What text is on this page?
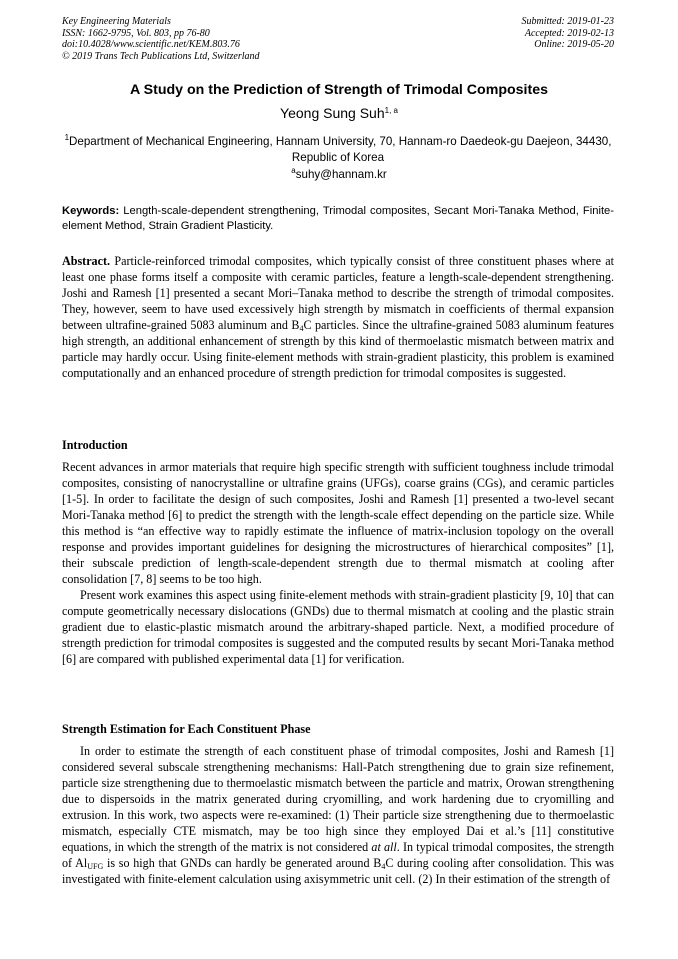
Key Engineering Materials
ISSN: 1662-9795, Vol. 803, pp 76-80
doi:10.4028/www.scientific.net/KEM.803.76
© 2019 Trans Tech Publications Ltd, Switzerland
Submitted: 2019-01-23
Accepted: 2019-02-13
Online: 2019-05-20
A Study on the Prediction of Strength of Trimodal Composites
Yeong Sung Suh$^{1, a}$
$^1$Department of Mechanical Engineering, Hannam University, 70, Hannam-ro Daedeok-gu Daejeon, 34430, Republic of Korea
$^a$suhy@hannam.kr
Keywords: Length-scale-dependent strengthening, Trimodal composites, Secant Mori-Tanaka Method, Finite-element Method, Strain Gradient Plasticity.
Abstract. Particle-reinforced trimodal composites, which typically consist of three constituent phases where at least one phase forms itself a composite with ceramic particles, feature a length-scale-dependent strengthening. Joshi and Ramesh [1] presented a secant Mori–Tanaka method to describe the strength of trimodal composites. They, however, seem to have used excessively high strength by mismatch in coefficients of thermal expansion between ultrafine-grained 5083 aluminum and $B_4C$ particles. Since the ultrafine-grained 5083 aluminum features high strength, an additional enhancement of strength by this kind of thermoelastic mismatch between matrix and particle may hardly occur. Using finite-element methods with strain-gradient plasticity, this problem is examined computationally and an enhanced procedure of strength prediction for trimodal composites is suggested.
Introduction

Recent advances in armor materials that require high specific strength with sufficient toughness include trimodal composites, consisting of nanocrystalline or ultrafine grains (UFGs), coarse grains (CGs), and ceramic particles [1-5]. In order to facilitate the design of such composites, Joshi and Ramesh [1] presented a two-level secant Mori-Tanaka method [6] to predict the strength with the length-scale effect depending on the particle size. While this method is “an effective way to rapidly estimate the influence of matrix-inclusion topology on the overall response and provides important guidelines for designing the microstructures of hierarchical composites” [1], their subscale prediction of length-scale-dependent strength due to thermal mismatch at cooling after consolidation [7, 8] seems to be too high.

Present work examines this aspect using finite-element methods with strain-gradient plasticity [9, 10] that can compute geometrically necessary dislocations (GNDs) due to thermal mismatch at cooling and the plastic strain gradient due to elastic-plastic mismatch around the arbitrary-shaped particle. Next, a modified procedure of strength prediction for trimodal composites is suggested and the computed results by secant Mori-Tanaka method [6] are compared with published experimental data [1] for verification.

Strength Estimation for Each Constituent Phase

In order to estimate the strength of each constituent phase of trimodal composites, Joshi and Ramesh [1] considered several subscale strengthening mechanisms: Hall-Patch strengthening due to grain size refinement, particle size strengthening due to thermoelastic mismatch between the particle and matrix, Orowan strengthening due to dispersoids in the matrix generated during cryomilling, and work hardening due to cryomilling and extrusion. In this work, two aspects were re-examined: (1) Their particle size strengthening due to thermoelastic mismatch, especially CTE mismatch, may be too high since they employed Dai et al.’s [11] constitutive equations, in which the strength of the matrix is not considered at all. In typical trimodal composites, the strength of $Al_{UFG}$ is so high that GNDs can hardly be generated around $B_4C$ during cooling after consolidation. This was investigated with finite-element calculation using axisymmetric unit cell. (2) In their estimation of the strength of
